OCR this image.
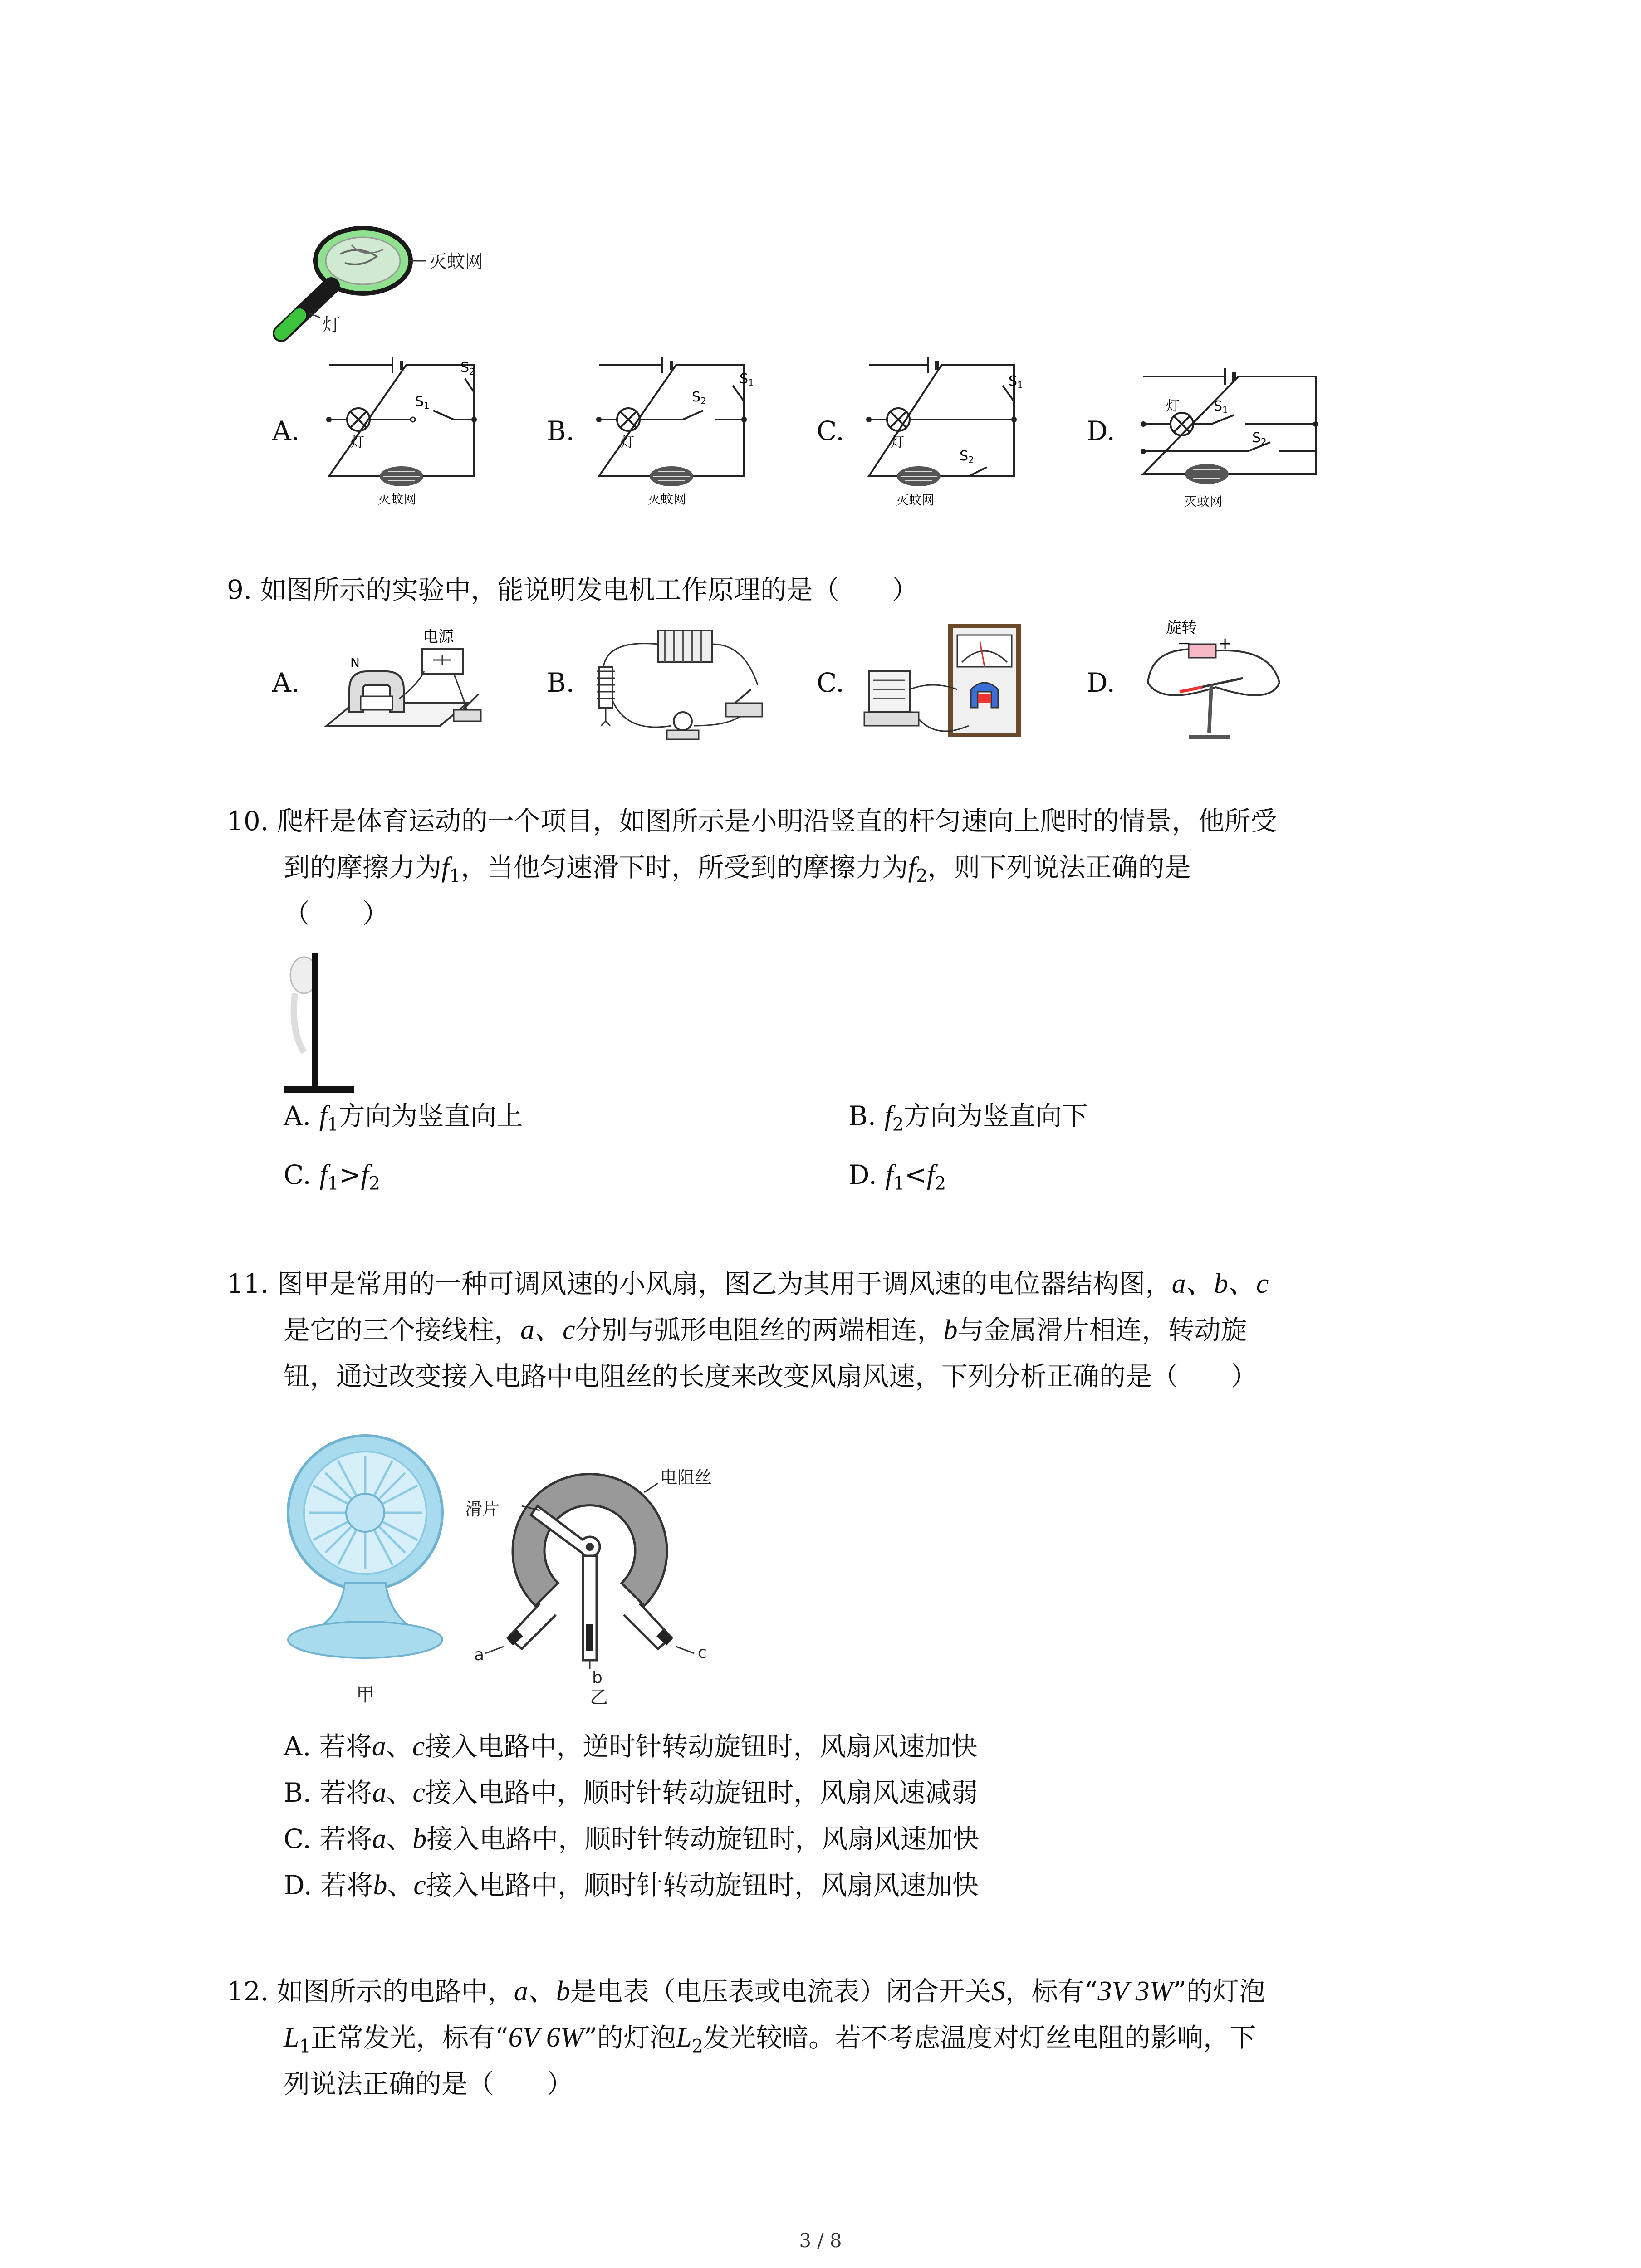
灭蚊网
灯
A.	灯
$S_1$
$S_2$
灭蚊网
B.	灯
$S_2$
$S_1$
灭蚊网
C.	灯
$S_1$
$S_2$
灭蚊网
D.
灯	$S_1$
$S_2$
灭蚊网
9. 如图所示的实验中，能说明发电机工作原理的是（　　）
A.
电源
N
B.	C.	D.
旋转
− +
10. 爬杆是体育运动的一个项目，如图所示是小明沿竖直的杆匀速向上爬时的情景，他所受
到的摩擦力为$f_1$，当他匀速滑下时，所受到的摩擦力为$f_2$，则下列说法正确的是
（　　）
A. $f_1$方向为竖直向上	B. $f_2$方向为竖直向下
C. $f_1>f_2$	D. $f_1<f_2$
11. 图甲是常用的一种可调风速的小风扇，图乙为其用于调风速的电位器结构图，a、b、c
是它的三个接线柱，a、c分别与弧形电阻丝的两端相连，b与金属滑片相连，转动旋
钮，通过改变接入电路中电阻丝的长度来改变风扇风速，下列分析正确的是（　　）
甲
电阻丝
滑片
a
b
c
乙
A. 若将a、c接入电路中，逆时针转动旋钮时，风扇风速加快
B. 若将a、c接入电路中，顺时针转动旋钮时，风扇风速减弱
C. 若将a、b接入电路中，顺时针转动旋钮时，风扇风速加快
D. 若将b、c接入电路中，顺时针转动旋钮时，风扇风速加快
12. 如图所示的电路中，a、b是电表（电压表或电流表）闭合开关S，标有“3V 3W”的灯泡
$L_1$正常发光，标有“6V 6W”的灯泡$L_2$发光较暗。若不考虑温度对灯丝电阻的影响，下
列说法正确的是（　　）
3 / 8
